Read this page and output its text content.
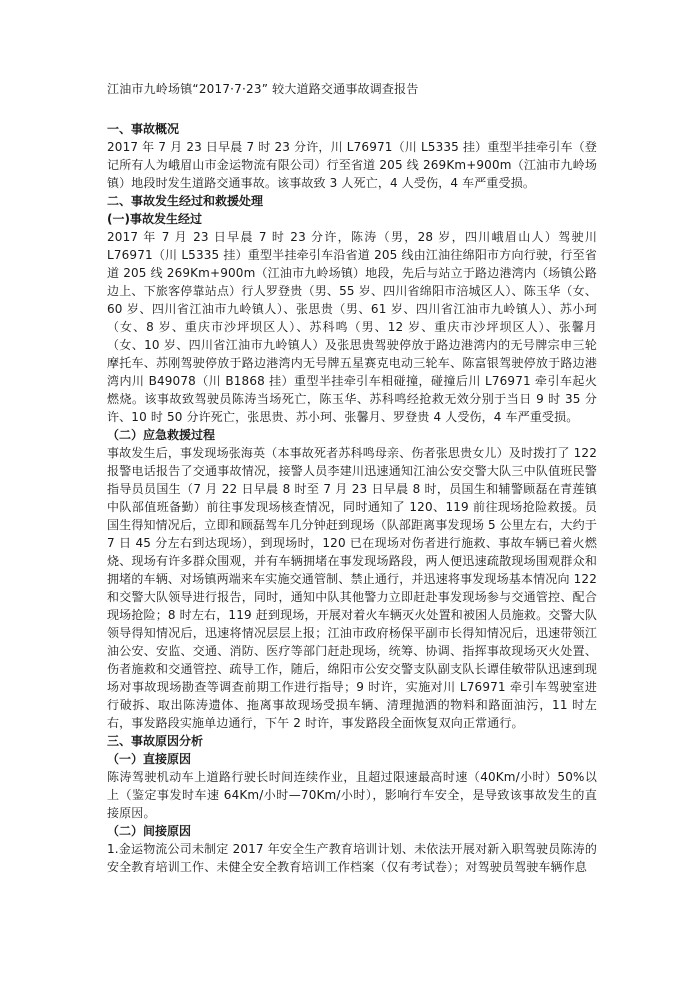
江油市九岭场镇“2017·7·23” 较大道路交通事故调查报告
一、事故概况

2017 年 7 月 23 日早晨 7 时 23 分许，川 L76971（川 L5335 挂）重型半挂牵引车（登记所有人为峨眉山市金运物流有限公司）行至省道 205 线 269Km+900m（江油市九岭场镇）地段时发生道路交通事故。该事故致 3 人死亡，4 人受伤，4 车严重受损。

二、事故发生经过和救援处理
(一)事故发生经过

2017 年 7 月 23 日早晨 7 时 23 分许，陈涛（男，28 岁，四川峨眉山人）驾驶川 L76971（川 L5335 挂）重型半挂牵引车沿省道 205 线由江油往绵阳市方向行驶，行至省道 205 线 269Km+900m（江油市九岭场镇）地段，先后与站立于路边港湾内（场镇公路边上、下旅客停靠站点）行人罗登贵（男、55 岁、四川省绵阳市涪城区人）、陈玉华（女、60 岁、四川省江油市九岭镇人）、张思贵（男、61 岁、四川省江油市九岭镇人）、苏小珂（女、8 岁、重庆市沙坪坝区人）、苏科鸣（男、12 岁、重庆市沙坪坝区人）、张馨月（女、10 岁、四川省江油市九岭镇人）及张思贵驾驶停放于路边港湾内的无号牌宗申三轮摩托车、苏刚驾驶停放于路边港湾内无号牌五星赛克电动三轮车、陈富银驾驶停放于路边港湾内川 B49078（川 B1868 挂）重型半挂牵引车相碰撞，碰撞后川 L76971 牵引车起火燃烧。该事故致驾驶员陈涛当场死亡，陈玉华、苏科鸣经抢救无效分别于当日 9 时 35 分许、10 时 50 分许死亡，张思贵、苏小珂、张馨月、罗登贵 4 人受伤，4 车严重受损。

（二）应急救援过程

事故发生后，事发现场张海英（本事故死者苏科鸣母亲、伤者张思贵女儿）及时拨打了 122 报警电话报告了交通事故情况，接警人员李建川迅速通知江油公安交警大队三中队值班民警指导员员国生（7 月 22 日早晨 8 时至 7 月 23 日早晨 8 时，员国生和辅警顾磊在青莲镇中队部值班备勤）前往事发现场核查情况，同时通知了 120、119 前往现场抢险救援。员国生得知情况后，立即和顾磊驾车几分钟赶到现场（队部距离事发现场 5 公里左右，大约于 7 日 45 分左右到达现场），到现场时，120 已在现场对伤者进行施救、事故车辆已着火燃烧、现场有许多群众围观，并有车辆拥堵在事发现场路段，两人便迅速疏散现场围观群众和拥堵的车辆、对场镇两端来车实施交通管制、禁止通行，并迅速将事发现场基本情况向 122 和交警大队领导进行报告，同时，通知中队其他警力立即赶赴事发现场参与交通管控、配合现场抢险；8 时左右，119 赶到现场，开展对着火车辆灭火处置和被困人员施救。交警大队领导得知情况后，迅速将情况层层上报；江油市政府杨保平副市长得知情况后，迅速带领江油公安、安监、交通、消防、医疗等部门赶赴现场，统筹、协调、指挥事故现场灭火处置、伤者施救和交通管控、疏导工作，随后，绵阳市公安交警支队副支队长谭佳敏带队迅速到现场对事故现场勘查等调查前期工作进行指导；9 时许，实施对川 L76971 牵引车驾驶室进行破拆、取出陈涛遗体、拖离事故现场受损车辆、清理抛洒的物料和路面油污，11 时左右，事发路段实施单边通行，下午 2 时许，事发路段全面恢复双向正常通行。

三、事故原因分析
（一）直接原因

陈涛驾驶机动车上道路行驶长时间连续作业，且超过限速最高时速（40Km/小时）50%以上（鉴定事发时车速 64Km/小时—70Km/小时），影响行车安全，是导致该事故发生的直接原因。

（二）间接原因

1.金运物流公司未制定 2017 年安全生产教育培训计划、未依法开展对新入职驾驶员陈涛的安全教育培训工作、未健全安全教育培训工作档案（仅有考试卷）；对驾驶员驾驶车辆作息
